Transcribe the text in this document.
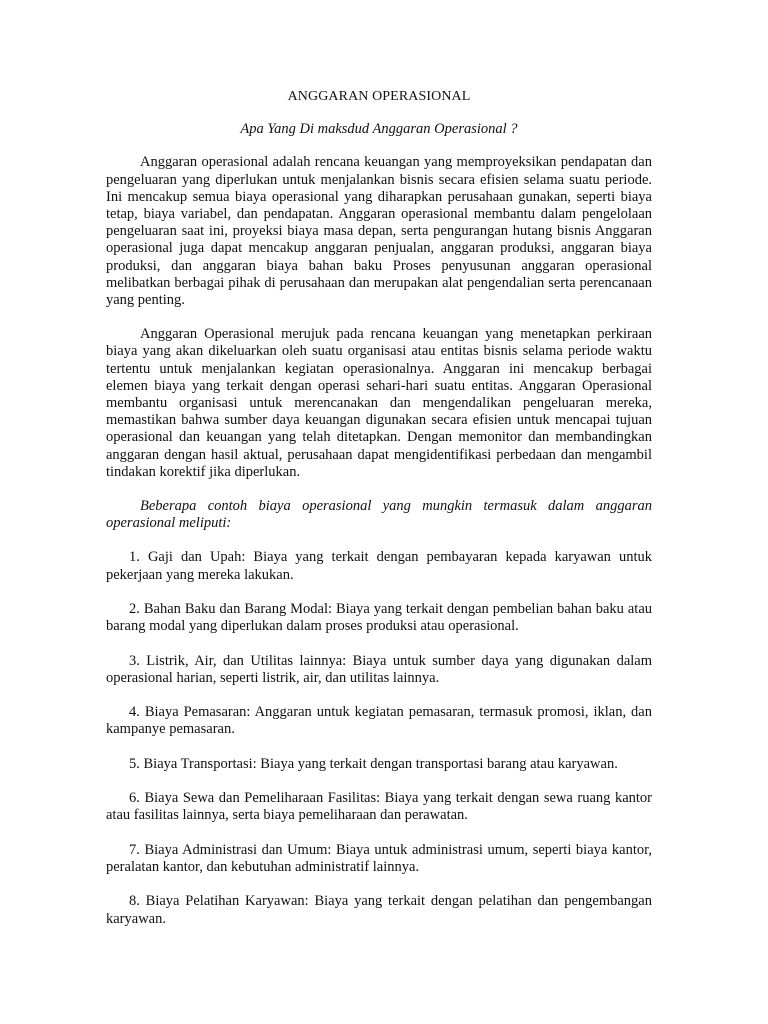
ANGGARAN OPERASIONAL
Apa Yang Di maksdud Anggaran Operasional ?

Anggaran operasional adalah rencana keuangan yang memproyeksikan pendapatan dan pengeluaran yang diperlukan untuk menjalankan bisnis secara efisien selama suatu periode. Ini mencakup semua biaya operasional yang diharapkan perusahaan gunakan, seperti biaya tetap, biaya variabel, dan pendapatan. Anggaran operasional membantu dalam pengelolaan pengeluaran saat ini, proyeksi biaya masa depan, serta pengurangan hutang bisnis Anggaran operasional juga dapat mencakup anggaran penjualan, anggaran produksi, anggaran biaya produksi, dan anggaran biaya bahan baku Proses penyusunan anggaran operasional melibatkan berbagai pihak di perusahaan dan merupakan alat pengendalian serta perencanaan yang penting.

Anggaran Operasional merujuk pada rencana keuangan yang menetapkan perkiraan biaya yang akan dikeluarkan oleh suatu organisasi atau entitas bisnis selama periode waktu tertentu untuk menjalankan kegiatan operasionalnya. Anggaran ini mencakup berbagai elemen biaya yang terkait dengan operasi sehari-hari suatu entitas. Anggaran Operasional membantu organisasi untuk merencanakan dan mengendalikan pengeluaran mereka, memastikan bahwa sumber daya keuangan digunakan secara efisien untuk mencapai tujuan operasional dan keuangan yang telah ditetapkan. Dengan memonitor dan membandingkan anggaran dengan hasil aktual, perusahaan dapat mengidentifikasi perbedaan dan mengambil tindakan korektif jika diperlukan.

Beberapa contoh biaya operasional yang mungkin termasuk dalam anggaran operasional meliputi:

1. Gaji dan Upah: Biaya yang terkait dengan pembayaran kepada karyawan untuk pekerjaan yang mereka lakukan.

2. Bahan Baku dan Barang Modal: Biaya yang terkait dengan pembelian bahan baku atau barang modal yang diperlukan dalam proses produksi atau operasional.

3. Listrik, Air, dan Utilitas lainnya: Biaya untuk sumber daya yang digunakan dalam operasional harian, seperti listrik, air, dan utilitas lainnya.

4. Biaya Pemasaran: Anggaran untuk kegiatan pemasaran, termasuk promosi, iklan, dan kampanye pemasaran.

5. Biaya Transportasi: Biaya yang terkait dengan transportasi barang atau karyawan.

6. Biaya Sewa dan Pemeliharaan Fasilitas: Biaya yang terkait dengan sewa ruang kantor atau fasilitas lainnya, serta biaya pemeliharaan dan perawatan.

7. Biaya Administrasi dan Umum: Biaya untuk administrasi umum, seperti biaya kantor, peralatan kantor, dan kebutuhan administratif lainnya.

8. Biaya Pelatihan Karyawan: Biaya yang terkait dengan pelatihan dan pengembangan karyawan.
